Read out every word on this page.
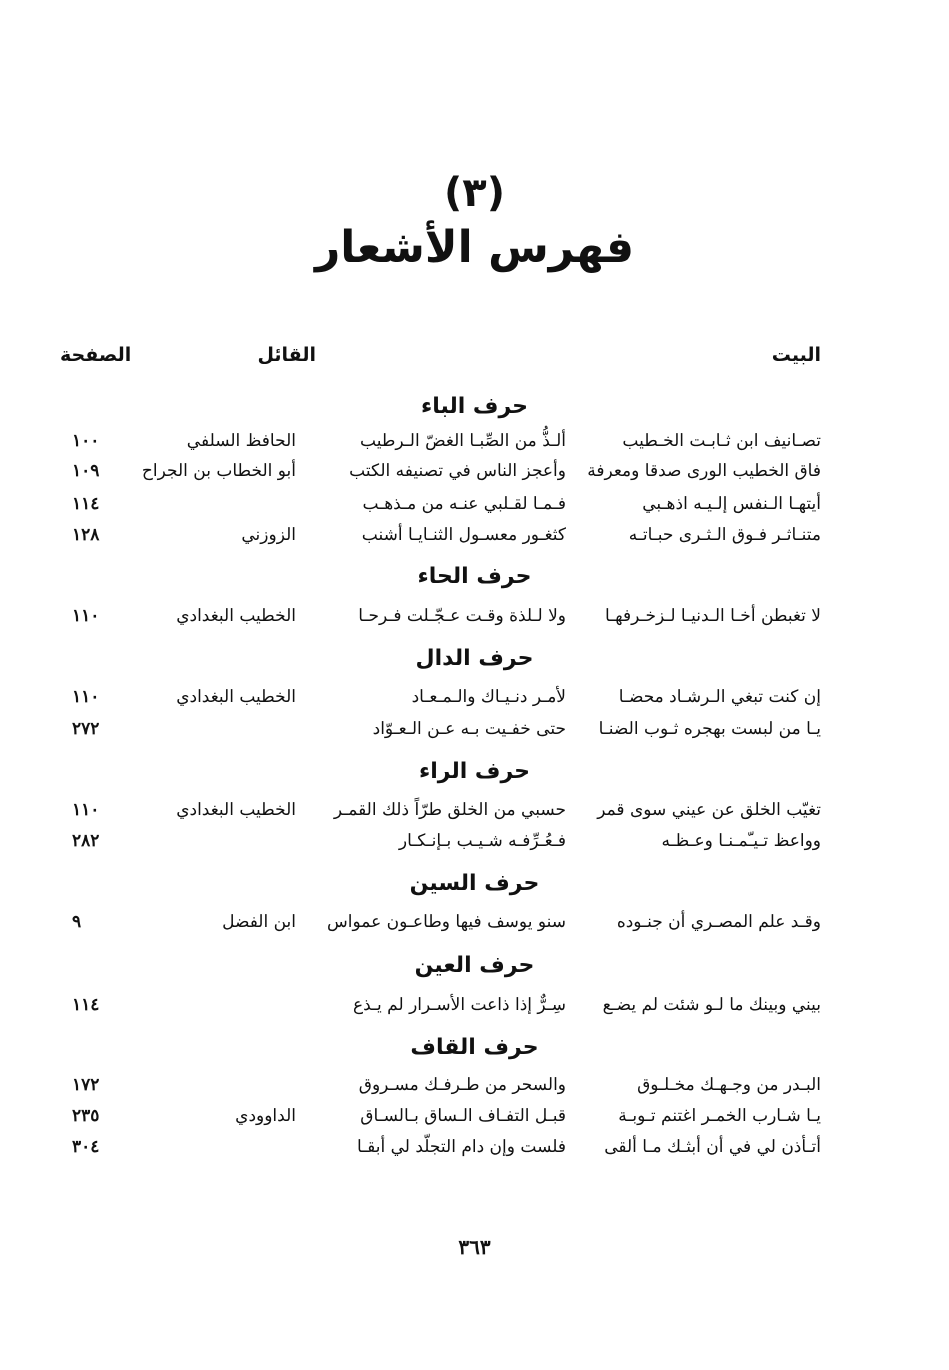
(٣)
فهرس الأشعار
البيت
القائل
الصفحة
حرف الباء
تصـانيف ابن ثـابـت الخـطيب
ألـذُّ من الصِّبـا الغضّ الـرطيب
الحافظ السلفي
١٠٠
فاق الخطيب الورى صدقا ومعرفة
وأعجز الناس في تصنيفه الكتب
أبو الخطاب بن الجراح
١٠٩
أيتهـا الـنفس إلـيـه اذهـبي
فـمـا لقـلبي عنـه من مـذهـب
١١٤
متنـاثـر فـوق الـثـرى حبـاتـه
كثغـور معسـول الثنـايـا أشنب
الزوزني
١٢٨
حرف الحاء
لا تغبطن أخـا الـدنيـا لـزخـرفهـا
ولا لـلذة وقـت عـجّـلت فـرحـا
الخطيب البغدادي
١١٠
حرف الدال
إن كنت تبغي الـرشـاد محضـا
لأمـر دنـيـاك والـمـعـاد
الخطيب البغدادي
١١٠
يـا من لبست بهجره ثـوب الضنـا
حتى خفـيت بـه عـن الـعـوّاد
٢٧٢
حرف الراء
تغيّب الخلق عن عيني سوى قمر
حسبي من الخلق طرّاً ذلك القمـر
الخطيب البغدادي
١١٠
وواعظ تـيـّمـنـا وعـظـه
فـعُـرِّفـه شـيـب بـإنـكـار
٢٨٢
حرف السين
وقـد علم المصـري أن جنـوده
سنو يوسف فيها وطاعـون عمواس
ابن الفضل
٩
حرف العين
بيني وبينك ما لـو شئت لم يضـع
سِـرٌّ إذا ذاعت الأسـرار لم يـذع
١١٤
حرف القاف
البـدر من وجـهـك مخـلـوق
والسحر من طـرفـك مسـروق
١٧٢
يـا شـارب الخمـر اغتنم تـوبـة
قبـل التفـاف الـساق بـالسـاق
الداوودي
٢٣٥
أتـأذن لي في أن أبثـك مـا ألقى
فلست وإن دام التجلّد لي أبقـا
٣٠٤
٣٦٣
